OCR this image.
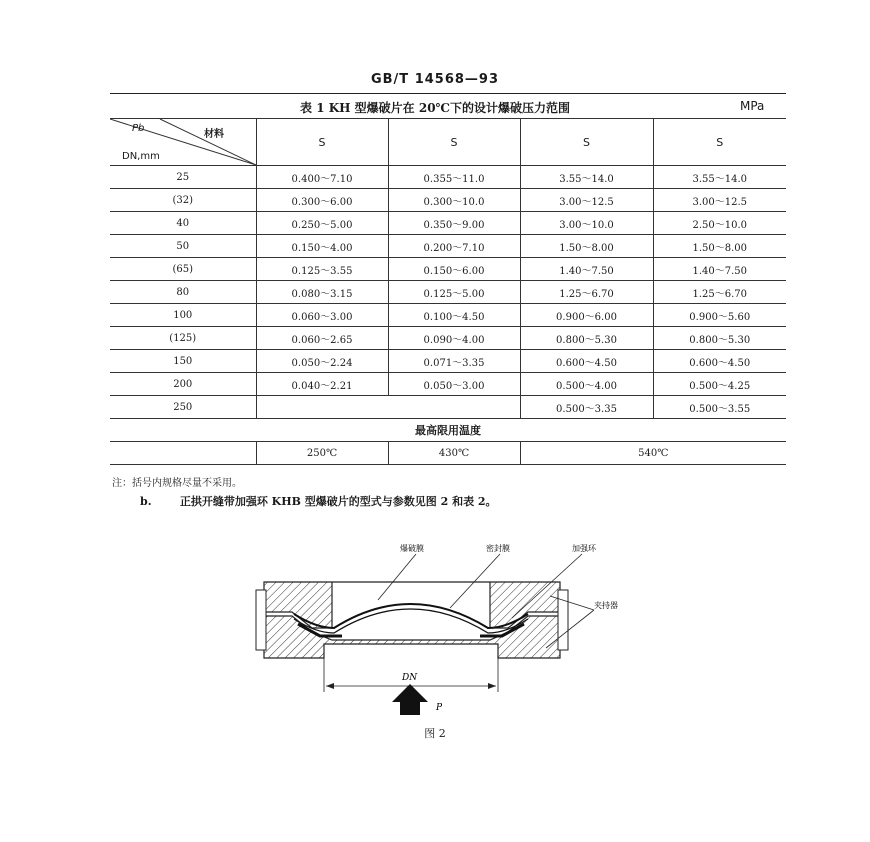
GB/T 14568—93
表 1 KH 型爆破片在 20℃下的设计爆破压力范围	MPa
Pb
材料
DN,mm	S	S	S	S
25	0.400～7.10	0.355～11.0	3.55～14.0	3.55～14.0
(32)	0.300～6.00	0.300～10.0	3.00～12.5	3.00～12.5
40	0.250～5.00	0.350～9.00	3.00～10.0	2.50～10.0
50	0.150～4.00	0.200～7.10	1.50～8.00	1.50～8.00
(65)	0.125～3.55	0.150～6.00	1.40～7.50	1.40～7.50
80	0.080～3.15	0.125～5.00	1.25～6.70	1.25～6.70
100	0.060～3.00	0.100～4.50	0.900～6.00	0.900～5.60
(125)	0.060～2.65	0.090～4.00	0.800～5.30	0.800～5.30
150	0.050～2.24	0.071～3.35	0.600～4.50	0.600～4.50
200	0.040～2.21	0.050～3.00	0.500～4.00	0.500～4.25
250			0.500～3.35	0.500～3.55
最高限用温度				
	250℃	430℃	540℃	
注：括号内规格尽量不采用。
b.	正拱开缝带加强环 KHB 型爆破片的型式与参数见图 2 和表 2。
爆破膜	密封膜	加强环
夹持器
DN
P
图 2
